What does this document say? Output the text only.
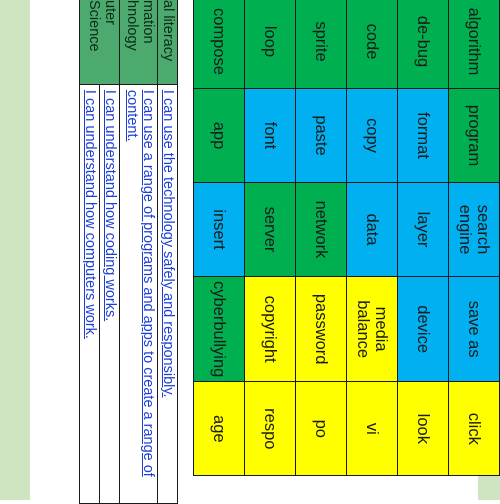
algorithm	program	search engine	save as	click
de-bug	format	layer	device	look
code	copy	data	media balance	vi
sprite	paste	network	password	po
loop	font	server	copyright	respo
compose	app	insert	cyberbullying	age
al literacy	I can use the technology safely and responsibly.
mation hnology	I can use a range of programs and apps to create a range of content.
uter Science	I can understand how coding works.
	I can understand how computers work.
